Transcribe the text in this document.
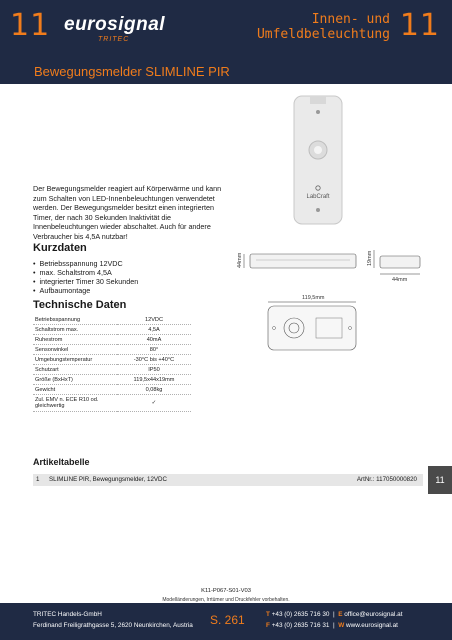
11 eurosignal
TRITEC
Innen- und
Umfeldbeleuchtung 11
Bewegungsmelder SLIMLINE PIR
LabCraft
Der Bewegungsmelder reagiert auf Körperwärme und kann zum Schalten von LED-Innenbeleuchtungen verwendetet werden. Der Bewegungsmelder besitzt einen integrierten Timer, der nach 30 Sekunden Inaktivität die Innenbeleuchtungen wieder abschaltet. Auch für andere Verbraucher bis 4,5A nutzbar!
Kurzdaten
• Betriebsspannung 12VDC
• max. Schaltstrom 4,5A
• integrierter Timer 30 Sekunden
• Aufbaumontage
Technische Daten
Betriebsspannung	12VDC
Schaltstrom max.	4,5A
Ruhestrom	40mA
Sensorwinkel	80°
Umgebungstemperatur	-30°C bis +40°C
Schutzart	IP50
Größe (BxHxT)	119,5x44x19mm
Gewicht	0,08kg
Zul. EMV n. ECE R10 od. gleichwertig	✓
44mm	19mm
44mm
119,5mm
Artikeltabelle
1 SLIMLINE PIR, Bewegungsmelder, 12VDC	ArtNr.: 117050000820	11
K11-P067-S01-V03
Modelländerungen, Irrtümer und Druckfehler vorbehalten.
TRITEC Handels-GmbH
Ferdinand Freiligrathgasse 5, 2620 Neunkirchen, Austria S. 261	T +43 (0) 2635 716 30  |  E office@eurosignal.at
F +43 (0) 2635 716 31  |  W www.eurosignal.at
